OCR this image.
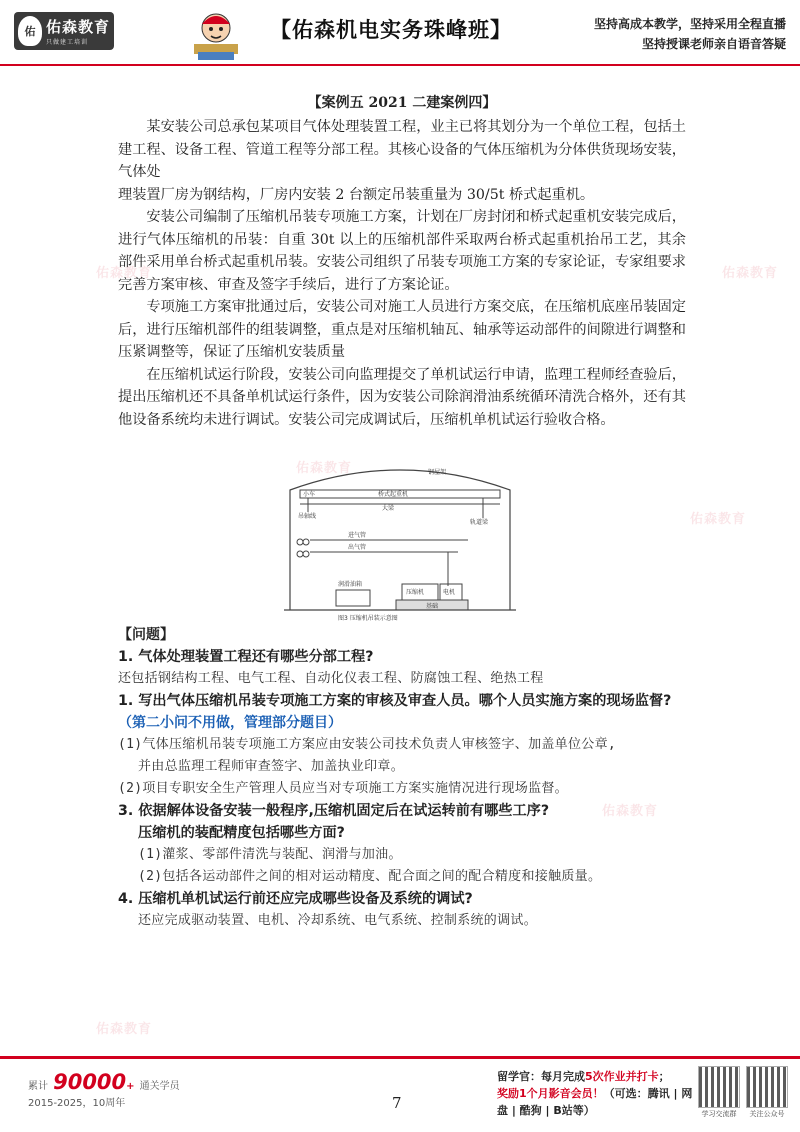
佑 佑森教育
只做建工培训
【佑森机电实务珠峰班】	坚持高成本教学，坚持采用全程直播
坚持授课老师亲自语音答疑
佑森教育	佑森教育
佑森教育
佑森教育
佑森教育
佑森教育

【案例五 2021 二建案例四】

某安装公司总承包某项目气体处理装置工程，业主已将其划分为一个单位工程，包括土建工程、设备工程、管道工程等分部工程。其核心设备的气体压缩机为分体供货现场安装，气体处

理装置厂房为钢结构，厂房内安装 2 台额定吊装重量为 30/5t 桥式起重机。

安装公司编制了压缩机吊装专项施工方案，计划在厂房封闭和桥式起重机安装完成后，进行气体压缩机的吊装：自重 30t 以上的压缩机部件采取两台桥式起重机抬吊工艺，其余部件采用单台桥式起重机吊装。安装公司组织了吊装专项施工方案的专家论证，专家组要求完善方案审核、审查及签字手续后，进行了方案论证。

专项施工方案审批通过后，安装公司对施工人员进行方案交底，在压缩机底座吊装固定后，进行压缩机部件的组装调整，重点是对压缩机轴瓦、轴承等运动部件的间隙进行调整和压紧调整等，保证了压缩机安装质量

在压缩机试运行阶段，安装公司向监理提交了单机试运行申请，监理工程师经查验后，提出压缩机还不具备单机试运行条件，因为安装公司除润滑油系统循环清洗合格外，还有其他设备系统均未进行调试。安装公司完成调试后，压缩机单机试运行验收合格。

钢屋架
小车	桥式起重机
大梁
吊轴线
轨道梁
进气管
出气管
润滑油箱
压缩机	电机
基础
图3 压缩机吊装示意图
【问题】
1. 气体处理装置工程还有哪些分部工程?
还包括钢结构工程、电气工程、自动化仪表工程、防腐蚀工程、绝热工程
1. 写出气体压缩机吊装专项施工方案的审核及审查人员。哪个人员实施方案的现场监督?
（第二小问不用做，管理部分题目）
(1)气体压缩机吊装专项施工方案应由安装公司技术负责人审核签字、加盖单位公章,
并由总监理工程师审查签字、加盖执业印章。
(2)项目专职安全生产管理人员应当对专项施工方案实施情况进行现场监督。
3. 依据解体设备安装一般程序,压缩机固定后在试运转前有哪些工序?
压缩机的装配精度包括哪些方面?
(1)灌浆、零部件清洗与装配、润滑与加油。
(2)包括各运动部件之间的相对运动精度、配合面之间的配合精度和接触质量。
4. 压缩机单机试运行前还应完成哪些设备及系统的调试?
还应完成驱动装置、电机、冷却系统、电气系统、控制系统的调试。
累计 90000+ 通关学员
2015-2025，10周年	7
留学官：每月完成5次作业并打卡；
奖励1个月影音会员！（可选：腾讯 | 网盘 | 酷狗 | B站等）	学习交流群	关注公众号
